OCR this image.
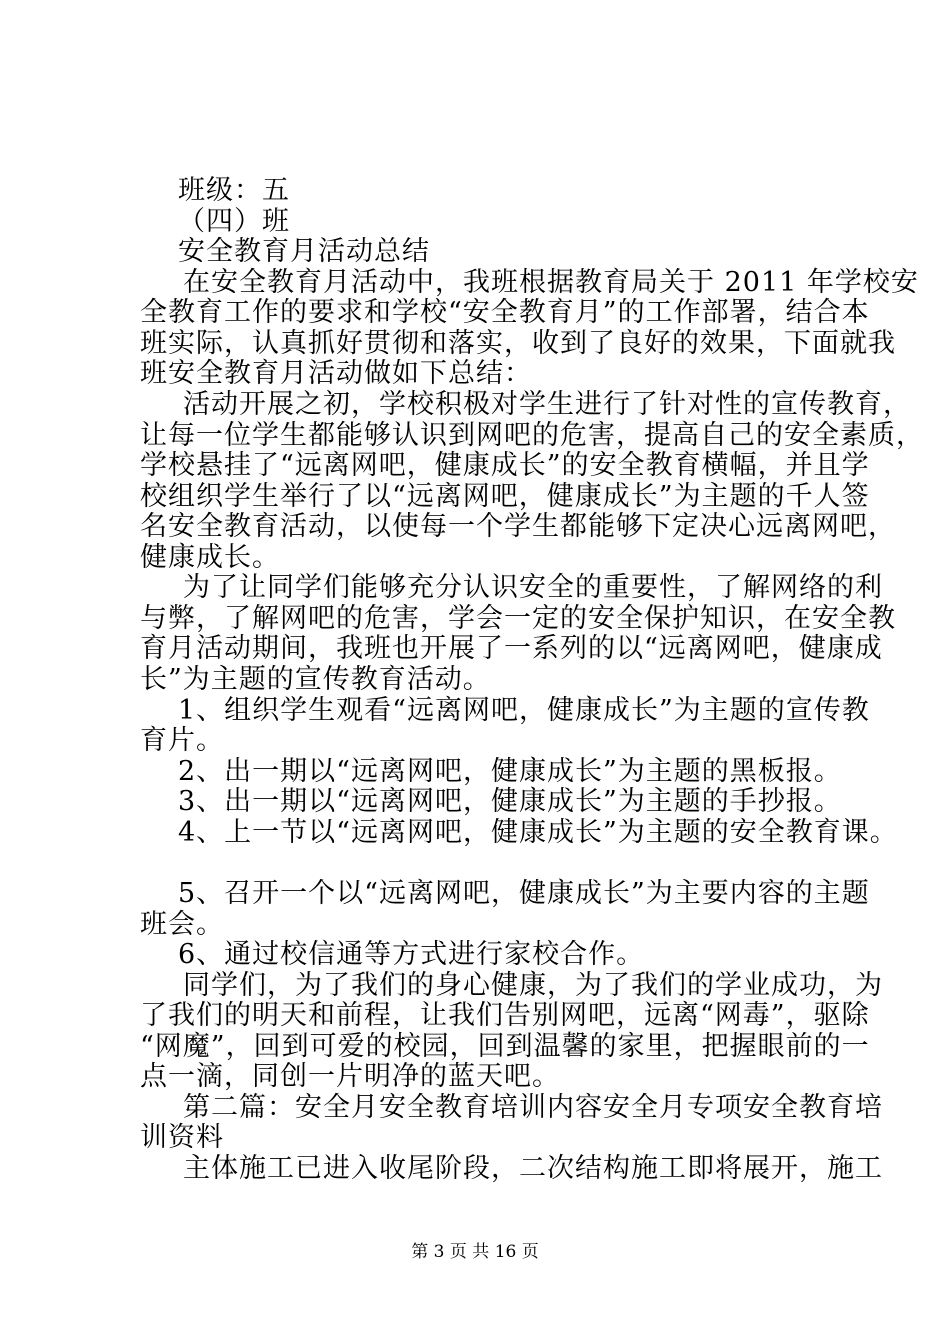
班级：五
（四）班
安全教育月活动总结
在安全教育月活动中，我班根据教育局关于 2011 年学校安
全教育工作的要求和学校“安全教育月”的工作部署，结合本
班实际，认真抓好贯彻和落实，收到了良好的效果，下面就我
班安全教育月活动做如下总结：
活动开展之初，学校积极对学生进行了针对性的宣传教育，
让每一位学生都能够认识到网吧的危害，提高自己的安全素质，
学校悬挂了“远离网吧，健康成长”的安全教育横幅，并且学
校组织学生举行了以“远离网吧，健康成长”为主题的千人签
名安全教育活动，以使每一个学生都能够下定决心远离网吧，
健康成长。
为了让同学们能够充分认识安全的重要性，了解网络的利
与弊，了解网吧的危害，学会一定的安全保护知识，在安全教
育月活动期间，我班也开展了一系列的以“远离网吧，健康成
长”为主题的宣传教育活动。
1、组织学生观看“远离网吧，健康成长”为主题的宣传教
育片。
2、出一期以“远离网吧，健康成长”为主题的黑板报。
3、出一期以“远离网吧，健康成长”为主题的手抄报。
4、上一节以“远离网吧，健康成长”为主题的安全教育课。
5、召开一个以“远离网吧，健康成长”为主要内容的主题
班会。
6、通过校信通等方式进行家校合作。
同学们，为了我们的身心健康，为了我们的学业成功，为
了我们的明天和前程，让我们告别网吧，远离“网毒”，驱除
“网魔”，回到可爱的校园，回到温馨的家里，把握眼前的一
点一滴，同创一片明净的蓝天吧。
第二篇：安全月安全教育培训内容安全月专项安全教育培
训资料
主体施工已进入收尾阶段，二次结构施工即将展开，施工
第 3 页 共 16 页
